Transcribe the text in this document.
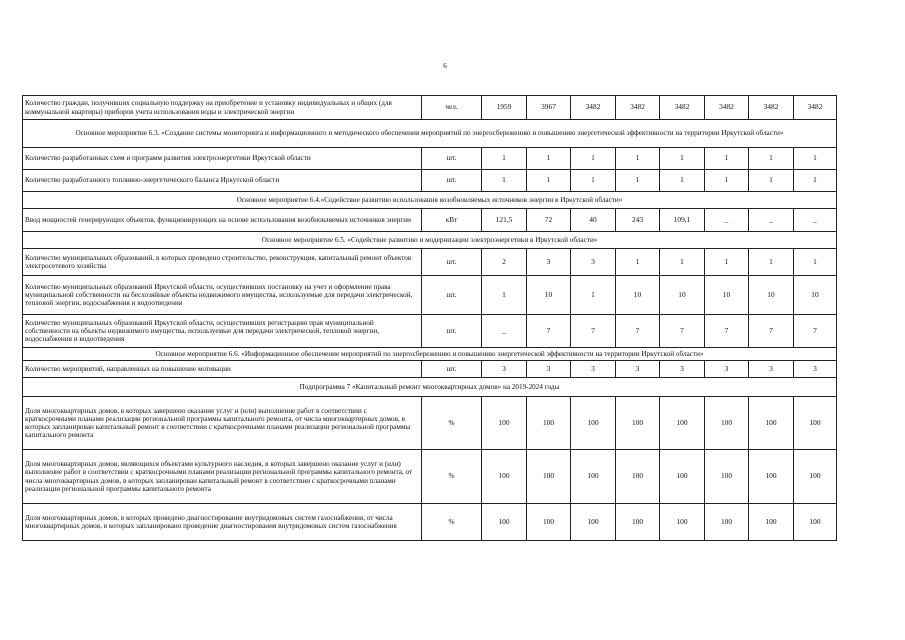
6
Количество граждан, получивших социальную поддержку на приобретение и установку индивидуальных и общих (для коммунальной квартиры) приборов учета использования воды и электрической энергии	чел.	1959	3967	3482	3482	3482	3482	3482	3482
Основное мероприятие 6.3. «Создание системы мониторинга и информационного и методического обеспечения мероприятий по энергосбережению и повышению энергетической эффективности на территории Иркутской области»									
Количество разработанных схем и программ развития электроэнергетики Иркутской области	шт.	1	1	1	1	1	1	1	1
Количество разработанного топливно-энергетического баланса Иркутской области	шт.	1	1	1	1	1	1	1	1
Основное мероприятие 6.4.«Содействие развитию использования возобновляемых источников энергии в Иркутской области»									
Ввод мощностей генерирующих объектов, функционирующих на основе использования возобновляемых источников энергии	кВт	121,5	72	40	243	109,1	_	_	_
Основное мероприятие 6.5. «Содействие развитию и модернизации электроэнергетики в Иркутской области»									
Количество муниципальных образований, в которых проведено строительство, реконструкция, капитальный ремонт объектов электросетевого хозяйства	шт.	2	3	3	1	1	1	1	1
Количество муниципальных образований Иркутской области, осуществивших постановку на учет и оформление права муниципальной собственности на бесхозяйные объекты недвижимого имущества, используемые для передачи электрической, тепловой энергии, водоснабжения и водоотведения	шт.	1	10	1	10	10	10	10	10
Количество муниципальных образований Иркутской области, осуществивших регистрацию прав муниципальной собственности на объекты недвижимого имущества, используемые для передачи электрической, тепловой энергии, водоснабжения и водоотведения	шт.	_	7	7	7	7	7	7	7
Основное мероприятие 6.6. «Информационное обеспечение мероприятий по энергосбережению и повышению энергетической эффективности на территории Иркутской области»									
Количество мероприятий, направленных на повышение мотивации	шт.	3	3	3	3	3	3	3	3
Подпрограмма 7 «Капитальный ремонт многоквартирных домов» на 2019-2024 годы									
Доля многоквартирных домов, в которых завершено оказание услуг и (или) выполнение работ в соответствии с краткосрочными планами реализации региональной программы капитального ремонта, от числа многоквартирных домов, в которых запланирован капитальный ремонт в соответствии с краткосрочными планами реализации региональной программы капитального ремонта	%	100	100	100	100	100	100	100	100
Доля многоквартирных домов, являющихся объектами культурного наследия, в которых завершено оказание услуг и (или) выполнение работ в соответствии с краткосрочными планами реализации региональной программы капитального ремонта, от числа многоквартирных домов, в которых запланирован капитальный ремонт в соответствии с краткосрочными планами реализации региональной программы капитального ремонта	%	100	100	100	100	100	100	100	100
Доля многоквартирных домов, в которых проведено диагностирование внутридомовых систем газоснабжения, от числа многоквартирных домов, в которых запланировано проведение диагностирования внутридомовых систем газоснабжения	%	100	100	100	100	100	100	100	100
